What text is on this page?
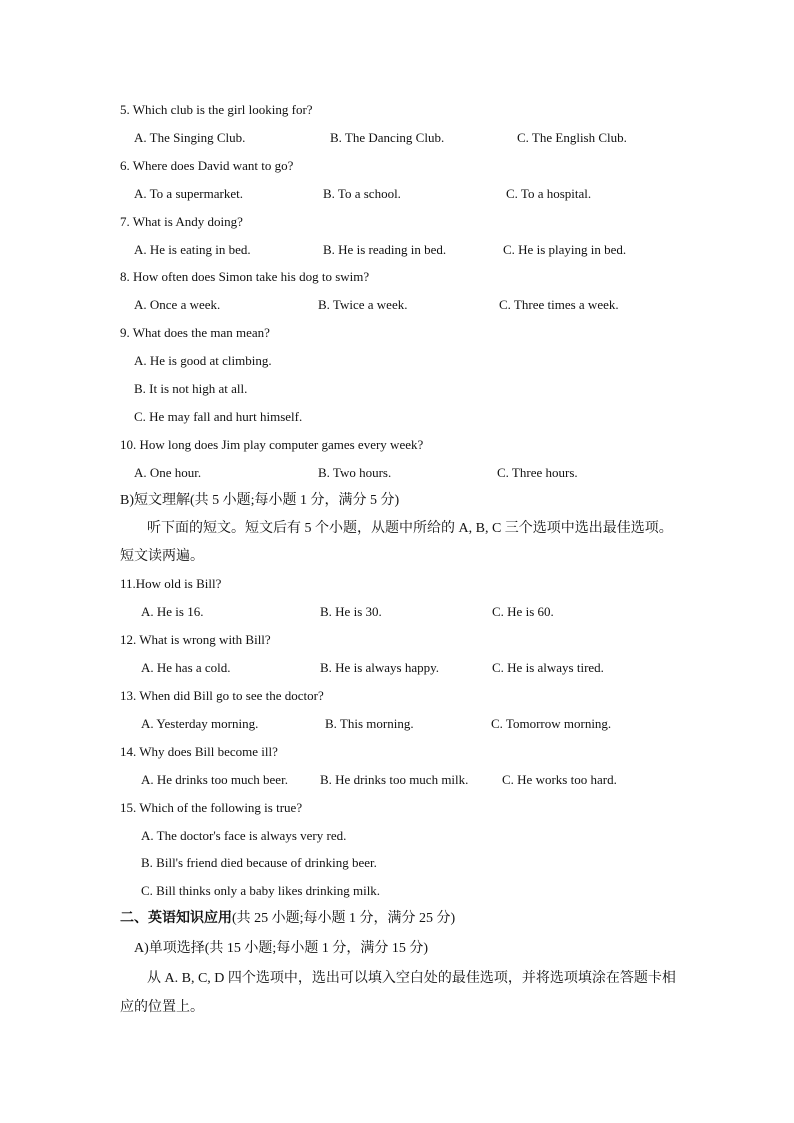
5. Which club is the girl looking for?
A. The Singing Club.	B. The Dancing Club.	C. The English Club.
6. Where does David want to go?
A. To a supermarket.	B. To a school.	C. To a hospital.
7. What is Andy doing?
A. He is eating in bed.	B. He is reading in bed.	C. He is playing in bed.
8. How often does Simon take his dog to swim?
A. Once a week.	B. Twice a week.	C. Three times a week.
9. What does the man mean?
A. He is good at climbing.
B. It is not high at all.
C. He may fall and hurt himself.
10. How long does Jim play computer games every week?
A. One hour.	B. Two hours.	C. Three hours.
B)短文理解(共 5 小题;每小题 1 分，满分 5 分)
听下面的短文。短文后有 5 个小题，从题中所给的 A, B, C 三个选项中选出最佳选项。
短文读两遍。
11.How old is Bill?
A. He is 16.	B. He is 30.	C. He is 60.
12. What is wrong with Bill?
A. He has a cold.	B. He is always happy.	C. He is always tired.
13. When did Bill go to see the doctor?
A. Yesterday morning.	B. This morning.	C. Tomorrow morning.
14. Why does Bill become ill?
A. He drinks too much beer. B. He drinks too much milk.	C. He works too hard.
15. Which of the following is true?
A. The doctor's face is always very red.
B. Bill's friend died because of drinking beer.
C. Bill thinks only a baby likes drinking milk.
二、英语知识应用(共 25 小题;每小题 1 分，满分 25 分)
A)单项选择(共 15 小题;每小题 1 分，满分 15 分)
从 A. B, C, D 四个选项中，选出可以填入空白处的最佳选项，并将选项填涂在答题卡相
应的位置上。
